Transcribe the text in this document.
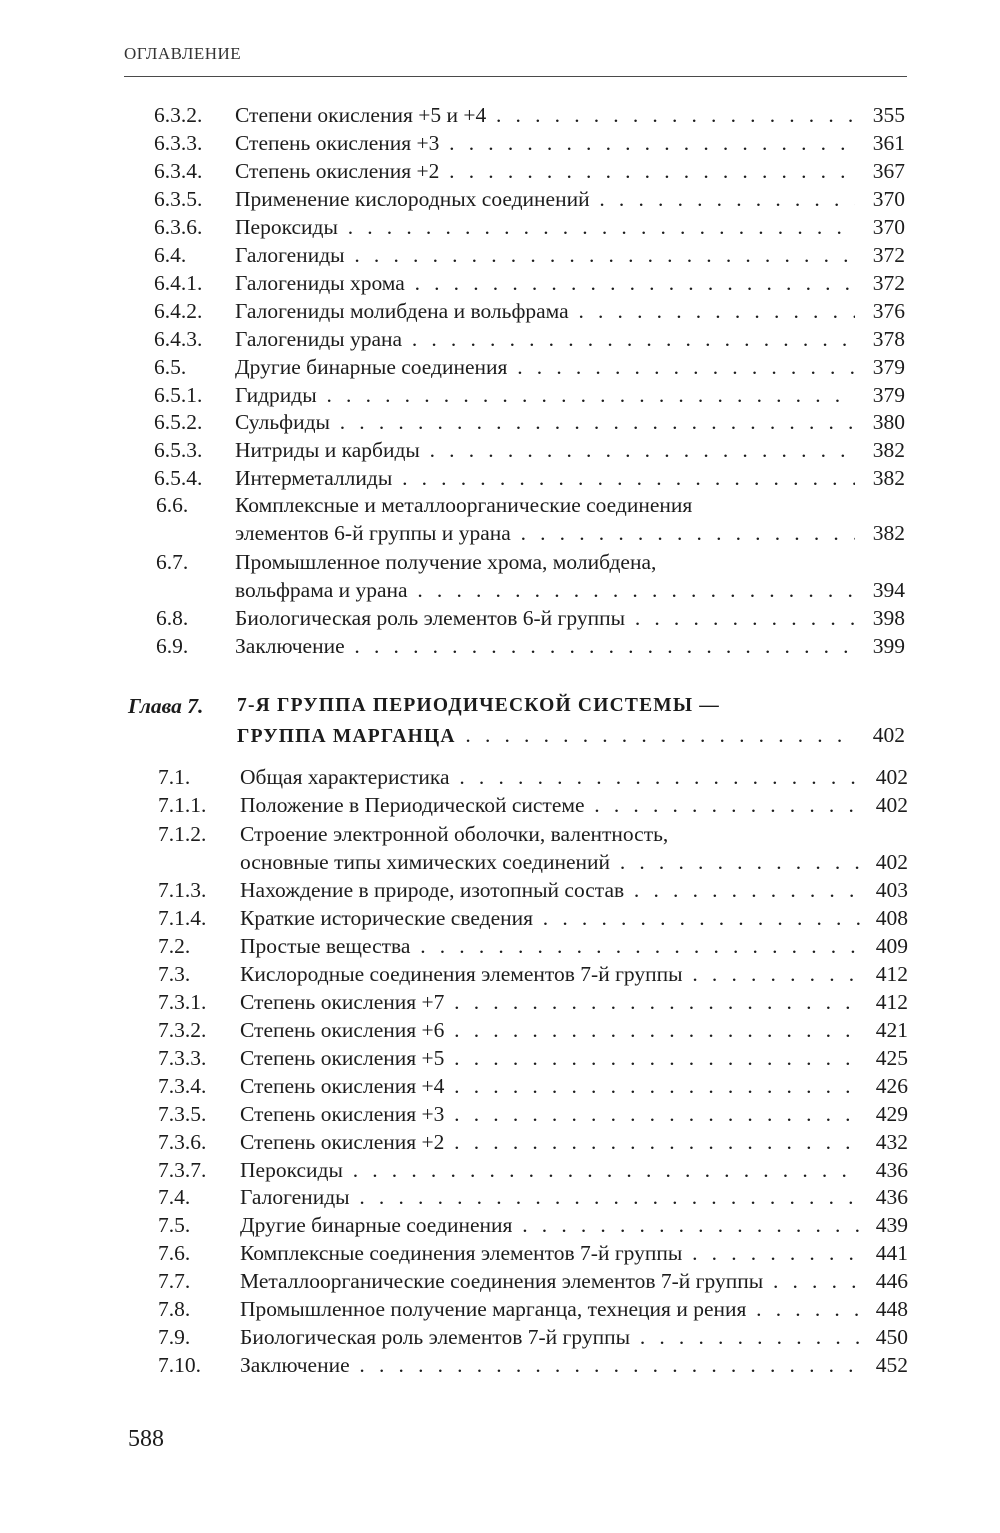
ОГЛАВЛЕНИЕ
6.3.2. Степени окисления +5 и +4 . . .	355
6.3.3. Степень окисления +3 . . .	361
6.3.4. Степень окисления +2 . . .	367
6.3.5. Применение кислородных соединений . . .	370
6.3.6. Пероксиды . . .	370
6.4. Галогениды . . .	372
6.4.1. Галогениды хрома . . .	372
6.4.2. Галогениды молибдена и вольфрама . . .	376
6.4.3. Галогениды урана . . .	378
6.5. Другие бинарные соединения . . .	379
6.5.1. Гидриды . . .	379
6.5.2. Сульфиды . . .	380
6.5.3. Нитриды и карбиды . . .	382
6.5.4. Интерметаллиды . . .	382
6.6. Комплексные и металлоорганические соединения
элементов 6-й группы и урана . . .	382
6.7. Промышленное получение хрома, молибдена,
вольфрама и урана . . .	394
6.8. Биологическая роль элементов 6-й группы . . .	398
6.9. Заключение . . .	399
Глава 7. 7-Я ГРУППА ПЕРИОДИЧЕСКОЙ СИСТЕМЫ —
ГРУППА МАРГАНЦА . . .	402
7.1. Общая характеристика . . .	402
7.1.1. Положение в Периодической системе . . .	402
7.1.2. Строение электронной оболочки, валентность,
основные типы химических соединений . . .	402
7.1.3. Нахождение в природе, изотопный состав . . .	403
7.1.4. Краткие исторические сведения . . .	408
7.2. Простые вещества . . .	409
7.3. Кислородные соединения элементов 7-й группы . . .	412
7.3.1. Степень окисления +7 . . .	412
7.3.2. Степень окисления +6 . . .	421
7.3.3. Степень окисления +5 . . .	425
7.3.4. Степень окисления +4 . . .	426
7.3.5. Степень окисления +3 . . .	429
7.3.6. Степень окисления +2 . . .	432
7.3.7. Пероксиды . . .	436
7.4. Галогениды . . .	436
7.5. Другие бинарные соединения . . .	439
7.6. Комплексные соединения элементов 7-й группы . . .	441
7.7. Металлоорганические соединения элементов 7-й группы . . .	446
7.8. Промышленное получение марганца, технеция и рения . . .	448
7.9. Биологическая роль элементов 7-й группы . . .	450
7.10. Заключение . . .	452
588
